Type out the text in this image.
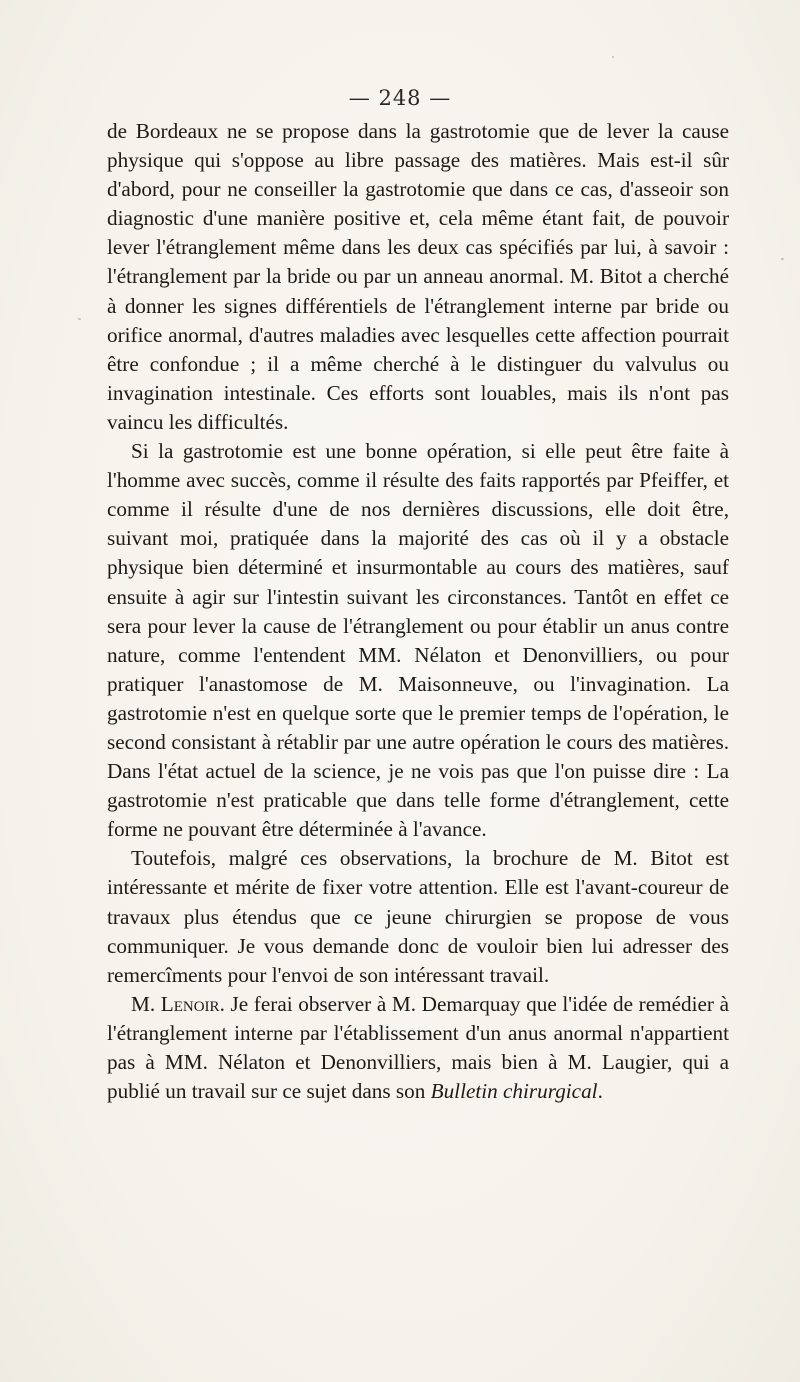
— 248 —

de Bordeaux ne se propose dans la gastrotomie que de lever la cause physique qui s'oppose au libre passage des matières. Mais est-il sûr d'abord, pour ne conseiller la gastrotomie que dans ce cas, d'asseoir son diagnostic d'une manière positive et, cela même étant fait, de pouvoir lever l'étranglement même dans les deux cas spécifiés par lui, à savoir : l'étranglement par la bride ou par un anneau anormal. M. Bitot a cherché à donner les signes différentiels de l'étranglement interne par bride ou orifice anormal, d'autres maladies avec lesquelles cette affection pourrait être confondue ; il a même cherché à le distinguer du valvulus ou invagination intestinale. Ces efforts sont louables, mais ils n'ont pas vaincu les difficultés.

Si la gastrotomie est une bonne opération, si elle peut être faite à l'homme avec succès, comme il résulte des faits rapportés par Pfeiffer, et comme il résulte d'une de nos dernières discussions, elle doit être, suivant moi, pratiquée dans la majorité des cas où il y a obstacle physique bien déterminé et insurmontable au cours des matières, sauf ensuite à agir sur l'intestin suivant les circonstances. Tantôt en effet ce sera pour lever la cause de l'étranglement ou pour établir un anus contre nature, comme l'entendent MM. Nélaton et Denonvilliers, ou pour pratiquer l'anastomose de M. Maisonneuve, ou l'invagination. La gastrotomie n'est en quelque sorte que le premier temps de l'opération, le second consistant à rétablir par une autre opération le cours des matières. Dans l'état actuel de la science, je ne vois pas que l'on puisse dire : La gastrotomie n'est praticable que dans telle forme d'étranglement, cette forme ne pouvant être déterminée à l'avance.

Toutefois, malgré ces observations, la brochure de M. Bitot est intéressante et mérite de fixer votre attention. Elle est l'avant-coureur de travaux plus étendus que ce jeune chirurgien se propose de vous communiquer. Je vous demande donc de vouloir bien lui adresser des remercîments pour l'envoi de son intéressant travail.

M. Lenoir. Je ferai observer à M. Demarquay que l'idée de remédier à l'étranglement interne par l'établissement d'un anus anormal n'appartient pas à MM. Nélaton et Denonvilliers, mais bien à M. Laugier, qui a publié un travail sur ce sujet dans son Bulletin chirurgical.
